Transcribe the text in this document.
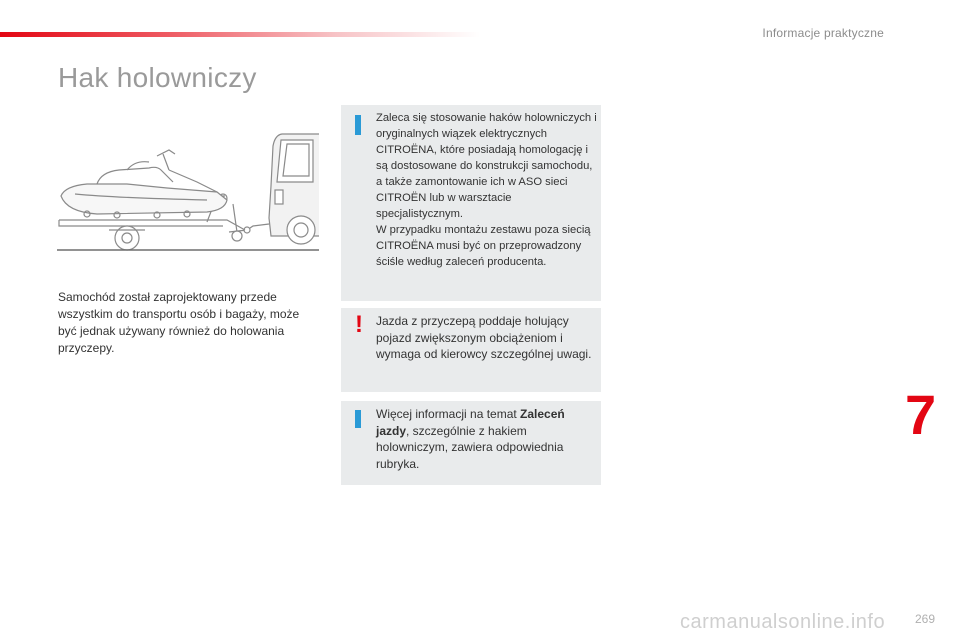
Informacje praktyczne
Hak holowniczy
Samochód został zaprojektowany przede wszystkim do transportu osób i bagaży, może być jednak używany również do holowania przyczepy.
Zaleca się stosowanie haków holowniczych i oryginalnych wiązek elektrycznych CITROËNA, które posiadają homologację i są dostosowane do konstrukcji samochodu, a także zamontowanie ich w ASO sieci CITROËN lub w warsztacie specjalistycznym.
W przypadku montażu zestawu poza siecią CITROËNA musi być on przeprowadzony ściśle według zaleceń producenta.
! Jazda z przyczepą poddaje holujący pojazd zwiększonym obciążeniom i wymaga od kierowcy szczególnej uwagi.
Więcej informacji na temat Zaleceń jazdy, szczególnie z hakiem holowniczym, zawiera odpowiednia rubryka.
7
carmanualsonline.info 269
